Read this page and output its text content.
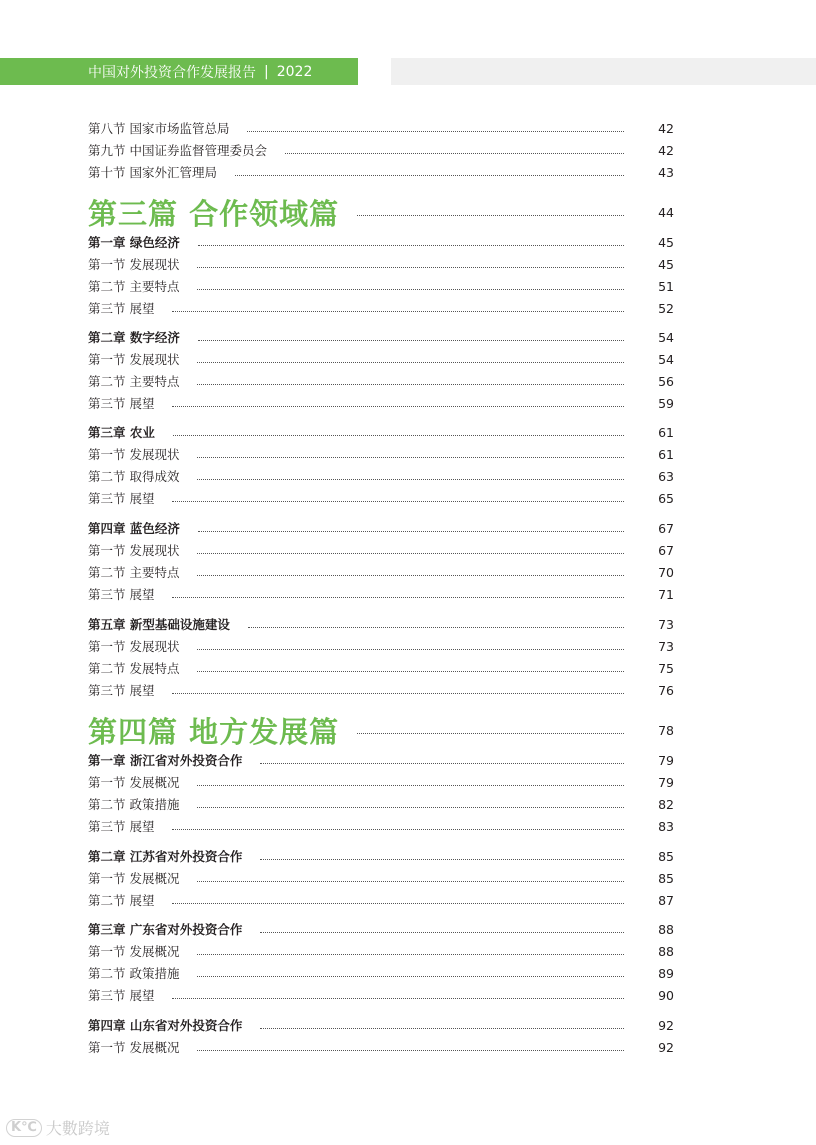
中国对外投资合作发展报告 | 2022
第八节 国家市场监管总局	42
第九节 中国证券监督管理委员会	42
第十节 国家外汇管理局	43
第三篇 合作领域篇	44
第一章 绿色经济	45
第一节 发展现状	45
第二节 主要特点	51
第三节 展望	52
第二章 数字经济	54
第一节 发展现状	54
第二节 主要特点	56
第三节 展望	59
第三章 农业	61
第一节 发展现状	61
第二节 取得成效	63
第三节 展望	65
第四章 蓝色经济	67
第一节 发展现状	67
第二节 主要特点	70
第三节 展望	71
第五章 新型基础设施建设	73
第一节 发展现状	73
第二节 发展特点	75
第三节 展望	76
第四篇 地方发展篇	78
第一章 浙江省对外投资合作	79
第一节 发展概况	79
第二节 政策措施	82
第三节 展望	83
第二章 江苏省对外投资合作	85
第一节 发展概况	85
第二节 展望	87
第三章 广东省对外投资合作	88
第一节 发展概况	88
第二节 政策措施	89
第三节 展望	90
第四章 山东省对外投资合作	92
第一节 发展概况	92
K℃ 大數跨境
